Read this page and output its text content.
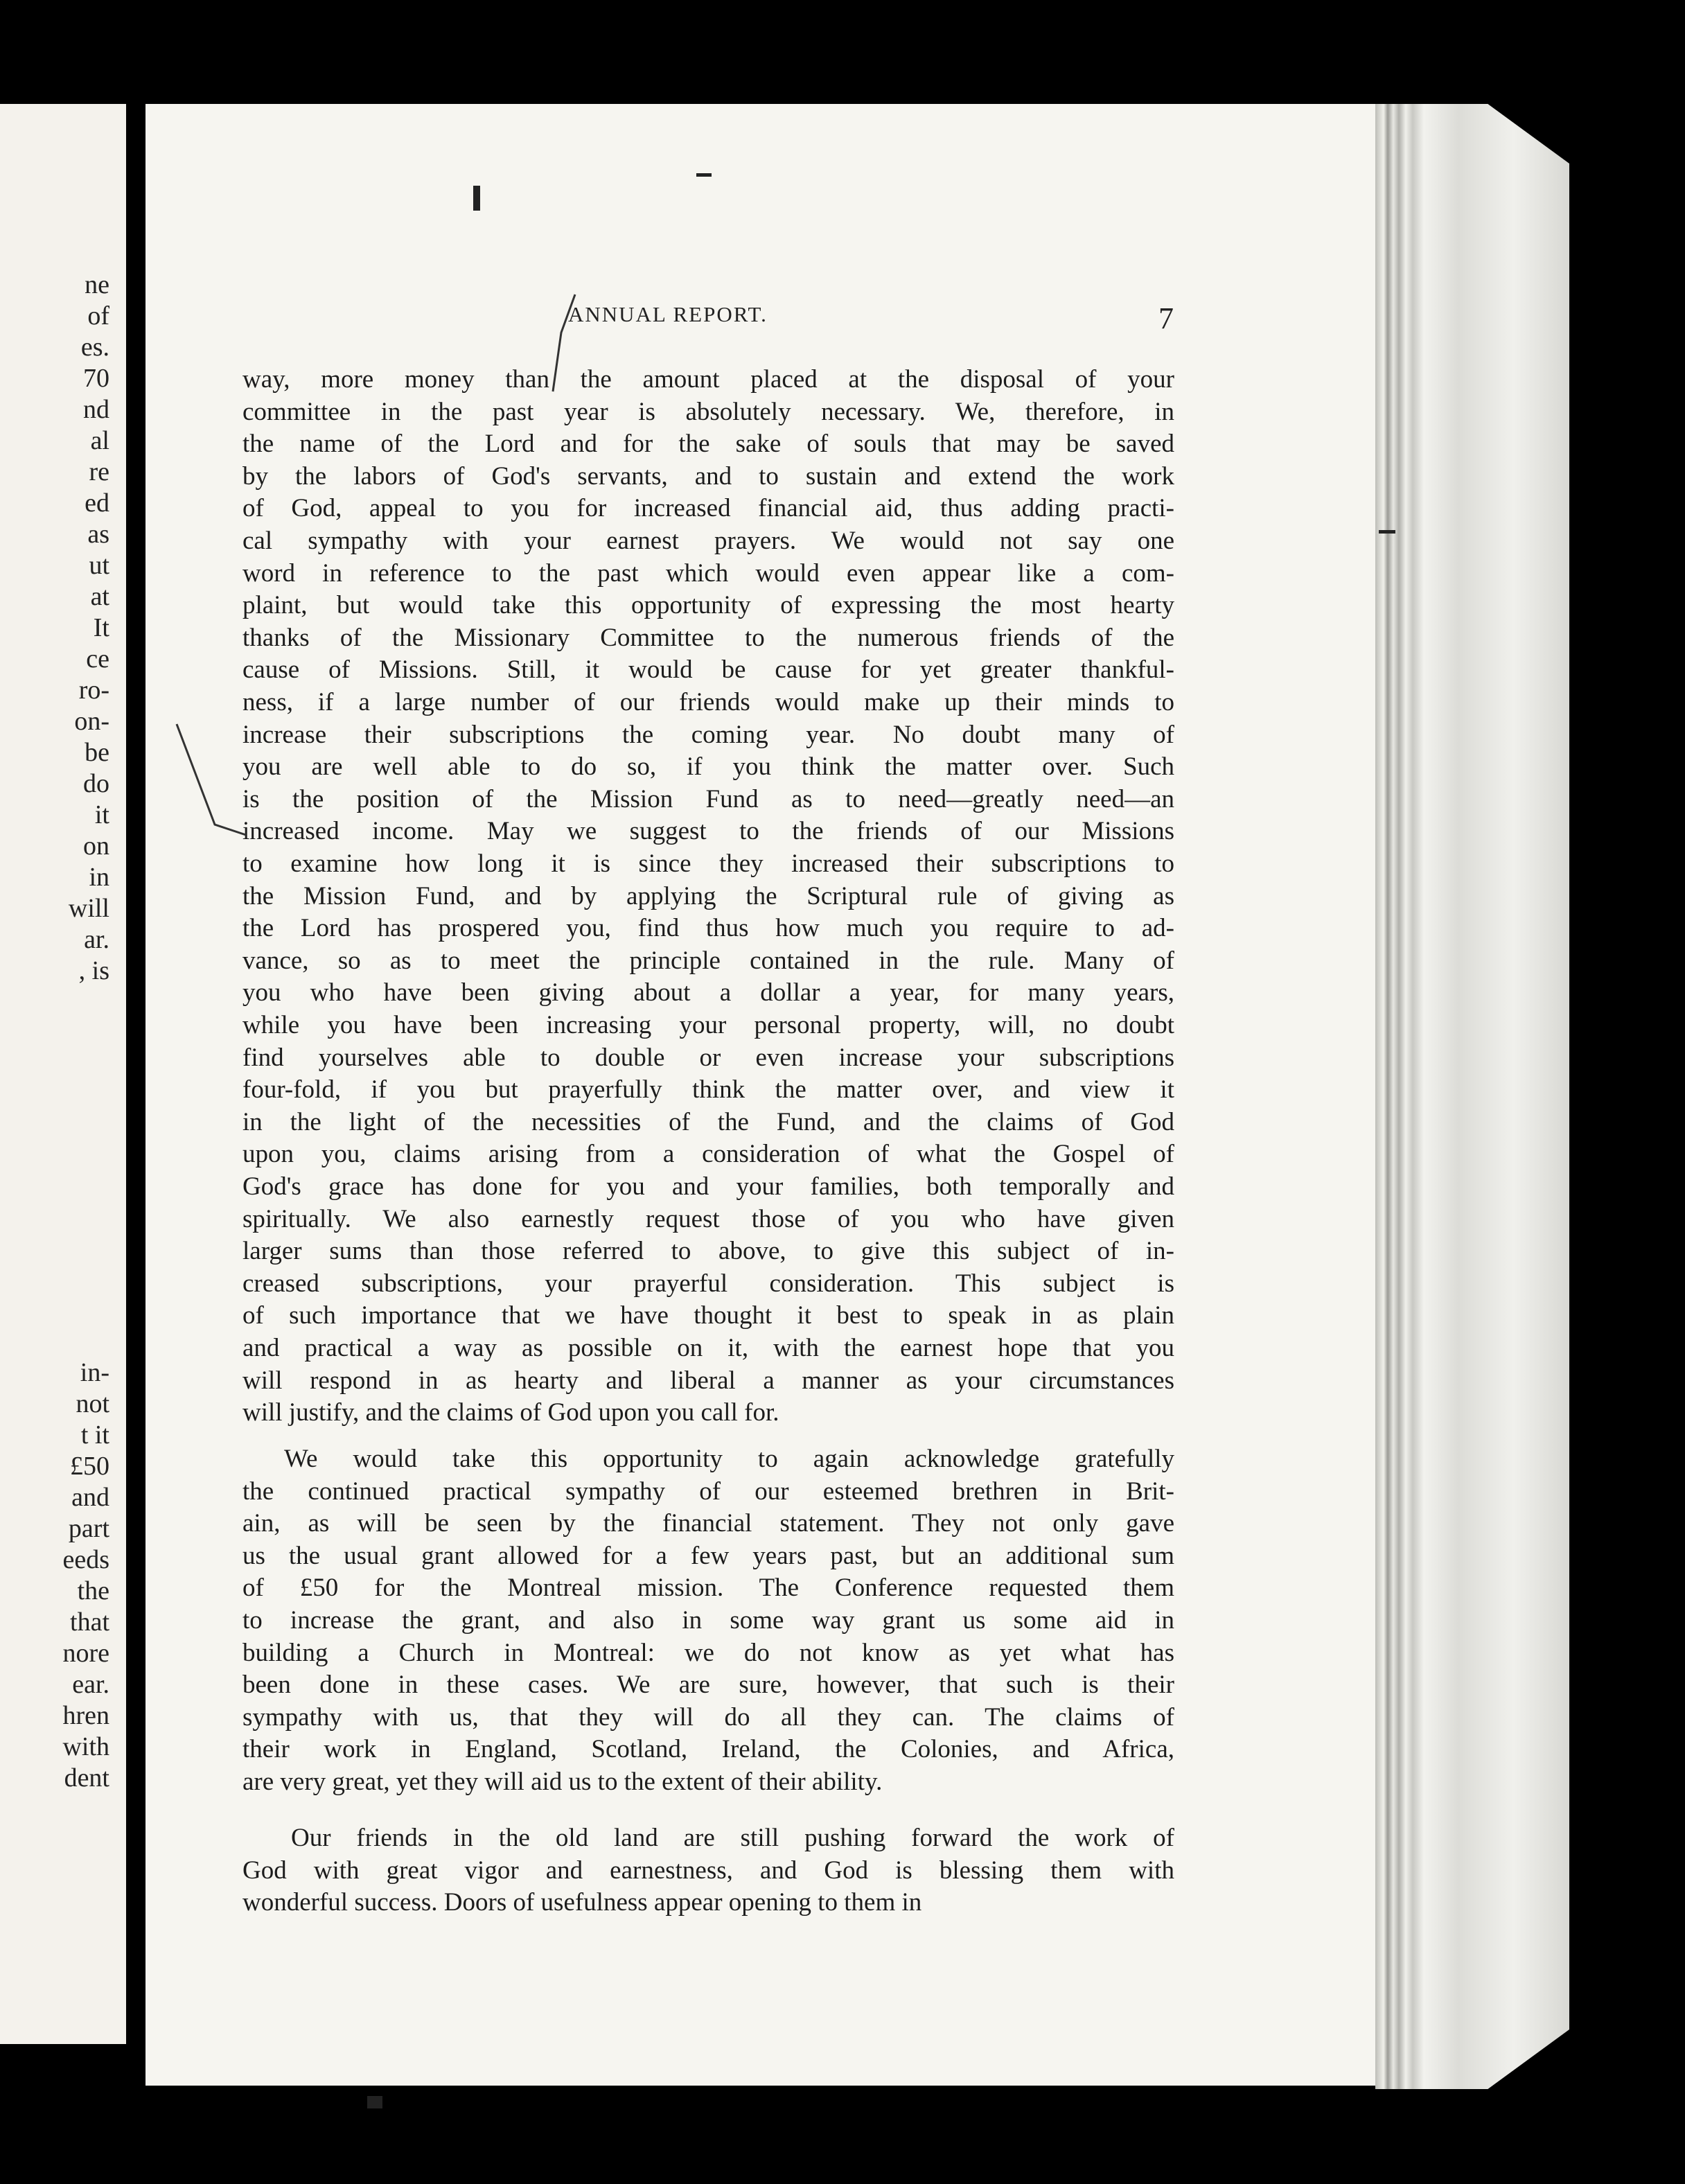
ne
of
es.
70
nd
al
re
ed
as
ut
at
It
ce
ro-
on-
be
do
it
on
in
will
ar.
, is
in-
not
t it
£50
and
part
eeds
the
that
nore
ear.
hren
with
dent
ANNUAL REPORT.	7
way, more money than the amount placed at the disposal of your
committee in the past year is absolutely necessary. We, therefore, in
the name of the Lord and for the sake of souls that may be saved
by the labors of God's servants, and to sustain and extend the work
of God, appeal to you for increased financial aid, thus adding practi-
cal sympathy with your earnest prayers. We would not say one
word in reference to the past which would even appear like a com-
plaint, but would take this opportunity of expressing the most hearty
thanks of the Missionary Committee to the numerous friends of the
cause of Missions. Still, it would be cause for yet greater thankful-
ness, if a large number of our friends would make up their minds to
increase their subscriptions the coming year. No doubt many of
you are well able to do so, if you think the matter over. Such
is the position of the Mission Fund as to need—greatly need—an
increased income. May we suggest to the friends of our Missions
to examine how long it is since they increased their subscriptions to
the Mission Fund, and by applying the Scriptural rule of giving as
the Lord has prospered you, find thus how much you require to ad-
vance, so as to meet the principle contained in the rule. Many of
you who have been giving about a dollar a year, for many years,
while you have been increasing your personal property, will, no doubt
find yourselves able to double or even increase your subscriptions
four-fold, if you but prayerfully think the matter over, and view it
in the light of the necessities of the Fund, and the claims of God
upon you, claims arising from a consideration of what the Gospel of
God's grace has done for you and your families, both temporally and
spiritually. We also earnestly request those of you who have given
larger sums than those referred to above, to give this subject of in-
creased subscriptions, your prayerful consideration. This subject is
of such importance that we have thought it best to speak in as plain
and practical a way as possible on it, with the earnest hope that you
will respond in as hearty and liberal a manner as your circumstances
will justify, and the claims of God upon you call for.
We would take this opportunity to again acknowledge gratefully
the continued practical sympathy of our esteemed brethren in Brit-
ain, as will be seen by the financial statement. They not only gave
us the usual grant allowed for a few years past, but an additional sum
of £50 for the Montreal mission. The Conference requested them
to increase the grant, and also in some way grant us some aid in
building a Church in Montreal: we do not know as yet what has
been done in these cases. We are sure, however, that such is their
sympathy with us, that they will do all they can. The claims of
their work in England, Scotland, Ireland, the Colonies, and Africa,
are very great, yet they will aid us to the extent of their ability.
Our friends in the old land are still pushing forward the work of
God with great vigor and earnestness, and God is blessing them with
wonderful success. Doors of usefulness appear opening to them in
